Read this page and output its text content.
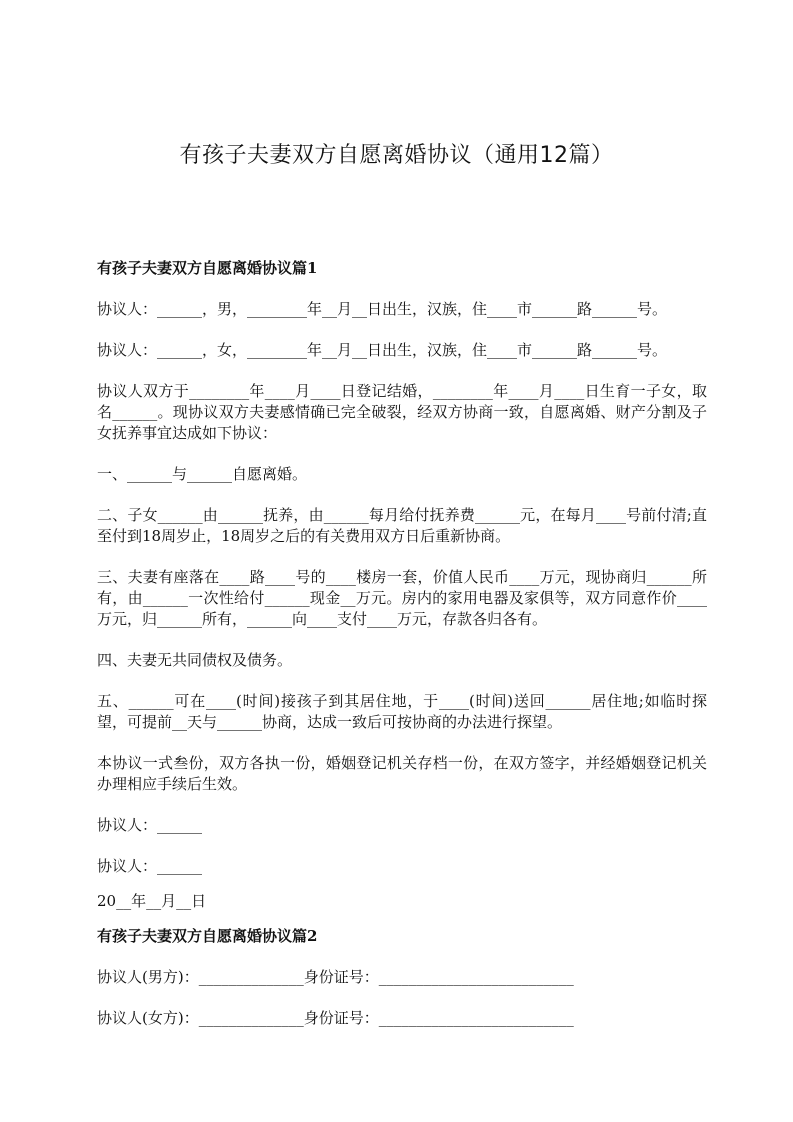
有孩子夫妻双方自愿离婚协议（通用12篇）

有孩子夫妻双方自愿离婚协议篇1

协议人：______，男，________年__月__日出生，汉族，住____市______路______号。

协议人：______，女，________年__月__日出生，汉族，住____市______路______号。

协议人双方于________年____月____日登记结婚，________年____月____日生育一子女，取名______。现协议双方夫妻感情确已完全破裂，经双方协商一致，自愿离婚、财产分割及子女抚养事宜达成如下协议：

一、______与______自愿离婚。

二、子女______由______抚养，由______每月给付抚养费______元，在每月____号前付清;直至付到18周岁止，18周岁之后的有关费用双方日后重新协商。

三、夫妻有座落在____路____号的____楼房一套，价值人民币____万元，现协商归______所有，由______一次性给付______现金__万元。房内的家用电器及家俱等，双方同意作价____万元，归______所有，______向____支付____万元，存款各归各有。

四、夫妻无共同债权及债务。

五、______可在____(时间)接孩子到其居住地，于____(时间)送回______居住地;如临时探望，可提前__天与______协商，达成一致后可按协商的办法进行探望。

本协议一式叁份，双方各执一份，婚姻登记机关存档一份，在双方签字，并经婚姻登记机关办理相应手续后生效。

协议人：______

协议人：______

20__年__月__日

有孩子夫妻双方自愿离婚协议篇2

协议人(男方)：______________身份证号：__________________________

协议人(女方)：______________身份证号：__________________________
